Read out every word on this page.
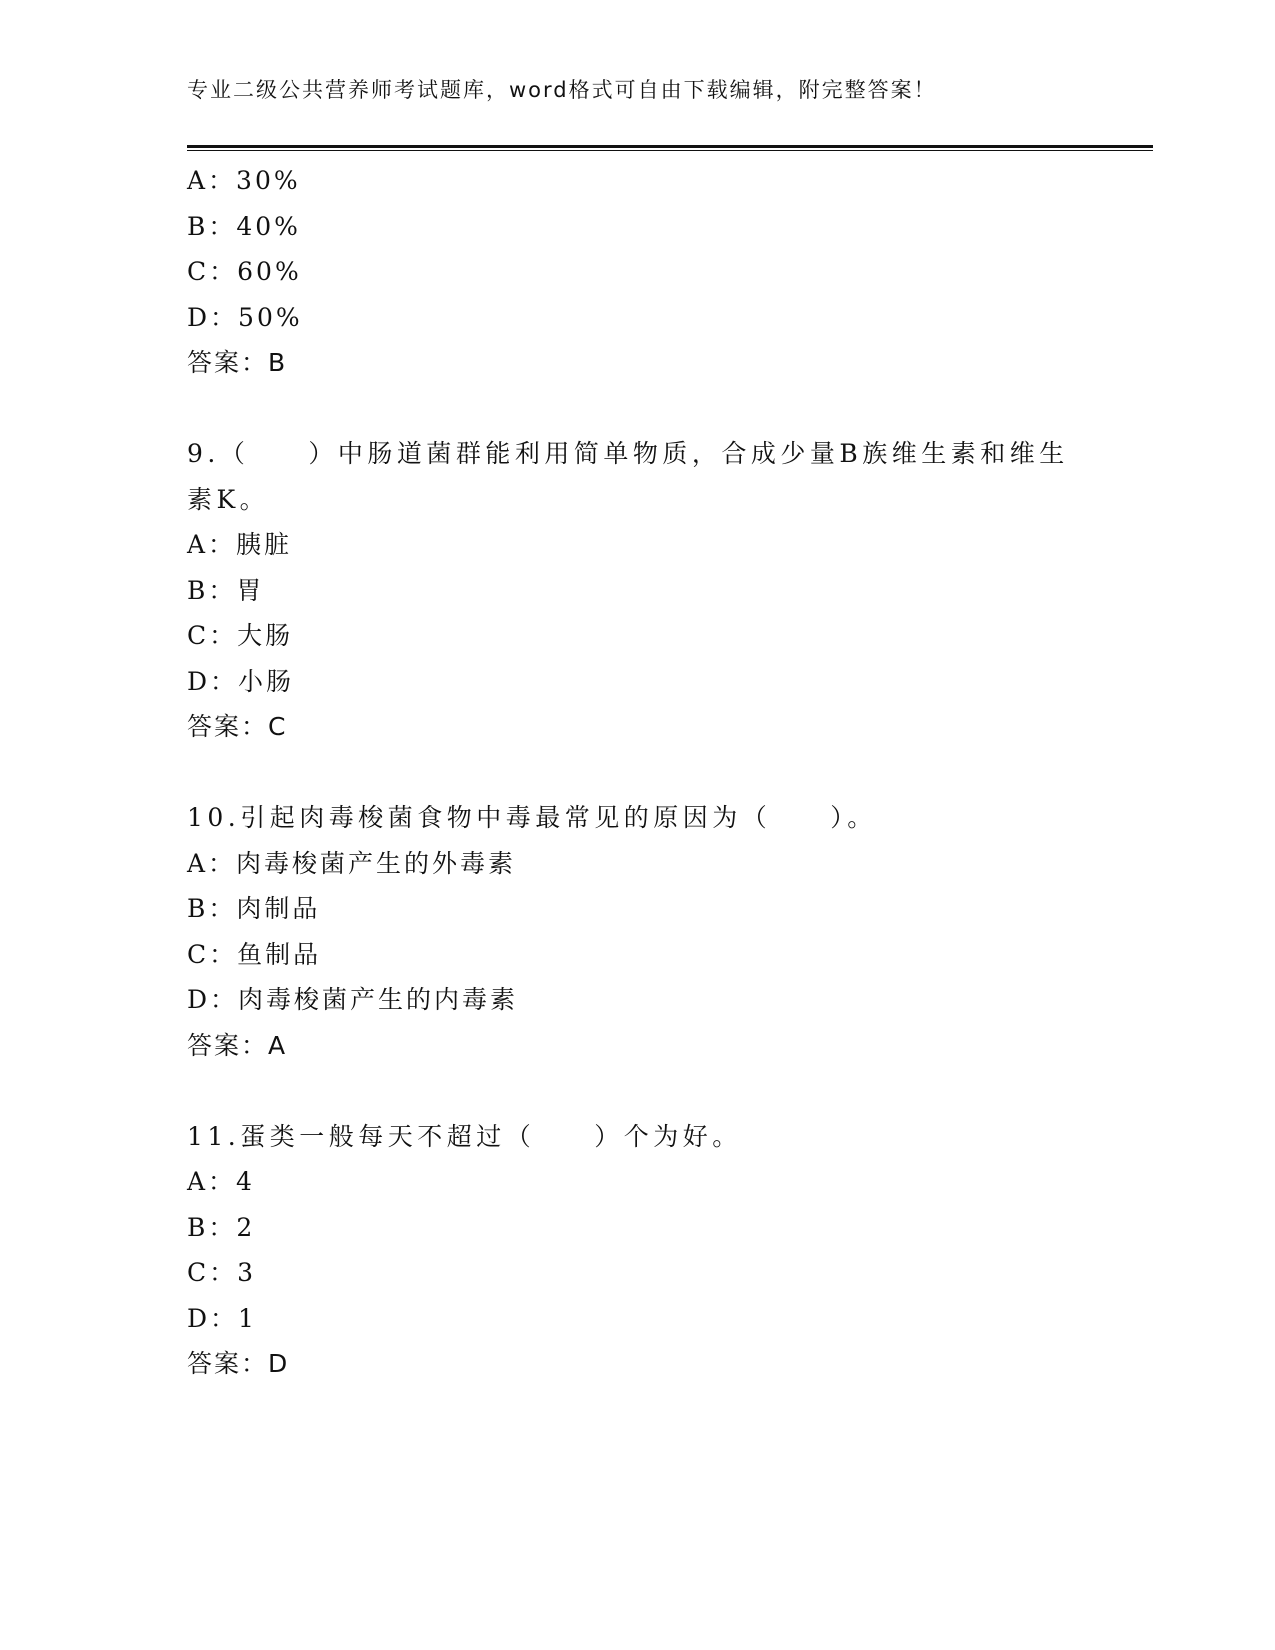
专业二级公共营养师考试题库，word格式可自由下载编辑，附完整答案！
A：30%
B：40%
C：60%
D：50%
答案：B
9.（　　）中肠道菌群能利用简单物质，合成少量B族维生素和维生
素K。
A：胰脏
B：胃
C：大肠
D：小肠
答案：C
10.引起肉毒梭菌食物中毒最常见的原因为（　　）。
A：肉毒梭菌产生的外毒素
B：肉制品
C：鱼制品
D：肉毒梭菌产生的内毒素
答案：A
11.蛋类一般每天不超过（　　）个为好。
A：4
B：2
C：3
D：1
答案：D
